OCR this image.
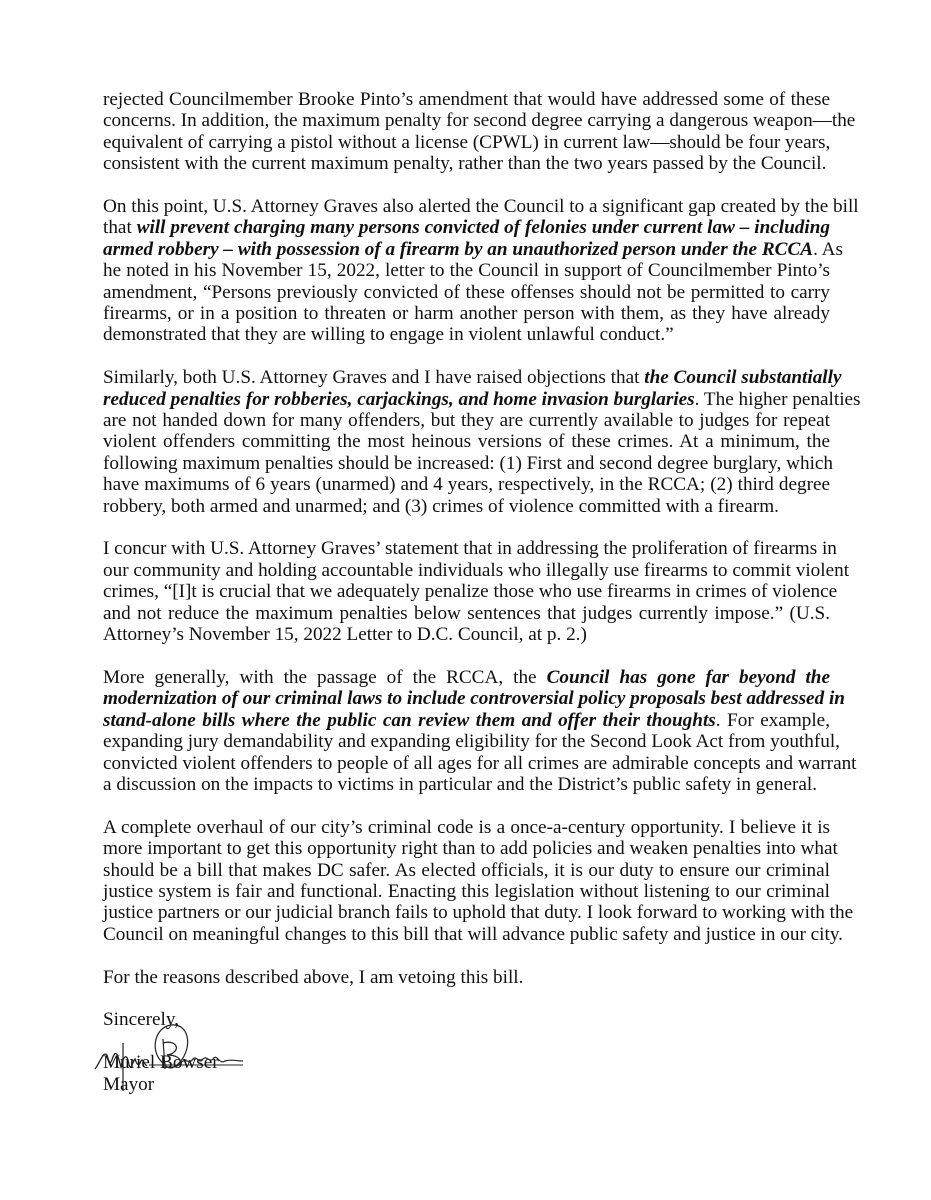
rejected Councilmember Brooke Pinto’s amendment that would have addressed some of these
concerns. In addition, the maximum penalty for second degree carrying a dangerous weapon—the
equivalent of carrying a pistol without a license (CPWL) in current law—should be four years,
consistent with the current maximum penalty, rather than the two years passed by the Council.
On this point, U.S. Attorney Graves also alerted the Council to a significant gap created by the bill
that will prevent charging many persons convicted of felonies under current law – including
armed robbery – with possession of a firearm by an unauthorized person under the RCCA. As
he noted in his November 15, 2022, letter to the Council in support of Councilmember Pinto’s
amendment, “Persons previously convicted of these offenses should not be permitted to carry
firearms, or in a position to threaten or harm another person with them, as they have already
demonstrated that they are willing to engage in violent unlawful conduct.”
Similarly, both U.S. Attorney Graves and I have raised objections that the Council substantially
reduced penalties for robberies, carjackings, and home invasion burglaries. The higher penalties
are not handed down for many offenders, but they are currently available to judges for repeat
violent offenders committing the most heinous versions of these crimes. At a minimum, the
following maximum penalties should be increased: (1) First and second degree burglary, which
have maximums of 6 years (unarmed) and 4 years, respectively, in the RCCA; (2) third degree
robbery, both armed and unarmed; and (3) crimes of violence committed with a firearm.
I concur with U.S. Attorney Graves’ statement that in addressing the proliferation of firearms in
our community and holding accountable individuals who illegally use firearms to commit violent
crimes, “[I]t is crucial that we adequately penalize those who use firearms in crimes of violence
and not reduce the maximum penalties below sentences that judges currently impose.” (U.S.
Attorney’s November 15, 2022 Letter to D.C. Council, at p. 2.)
More generally, with the passage of the RCCA, the Council has gone far beyond the
modernization of our criminal laws to include controversial policy proposals best addressed in
stand-alone bills where the public can review them and offer their thoughts. For example,
expanding jury demandability and expanding eligibility for the Second Look Act from youthful,
convicted violent offenders to people of all ages for all crimes are admirable concepts and warrant
a discussion on the impacts to victims in particular and the District’s public safety in general.
A complete overhaul of our city’s criminal code is a once-a-century opportunity. I believe it is
more important to get this opportunity right than to add policies and weaken penalties into what
should be a bill that makes DC safer. As elected officials, it is our duty to ensure our criminal
justice system is fair and functional. Enacting this legislation without listening to our criminal
justice partners or our judicial branch fails to uphold that duty. I look forward to working with the
Council on meaningful changes to this bill that will advance public safety and justice in our city.
For the reasons described above, I am vetoing this bill.
Sincerely,
Muriel Bowser
Mayor
